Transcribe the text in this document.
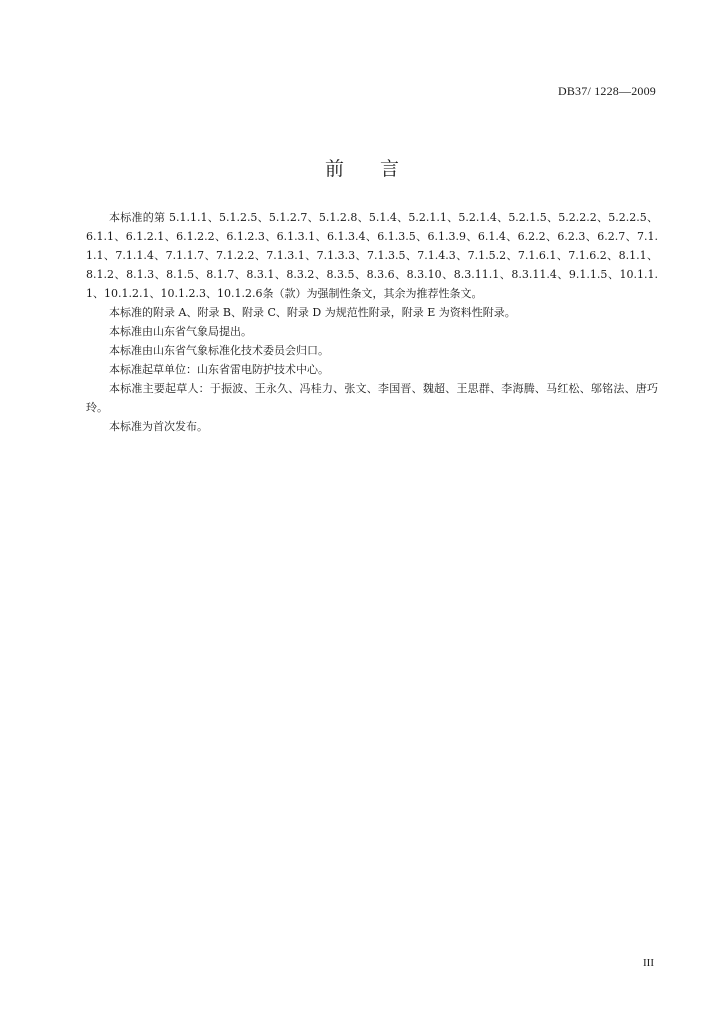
DB37/ 1228—2009
前 言

本标准的第 5.1.1.1、5.1.2.5、5.1.2.7、5.1.2.8、5.1.4、5.2.1.1、5.2.1.4、5.2.1.5、5.2.2.2、5.2.2.5、6.1.1、6.1.2.1、6.1.2.2、6.1.2.3、6.1.3.1、6.1.3.4、6.1.3.5、6.1.3.9、6.1.4、6.2.2、6.2.3、6.2.7、7.1.1.1、7.1.1.4、7.1.1.7、7.1.2.2、7.1.3.1、7.1.3.3、7.1.3.5、7.1.4.3、7.1.5.2、7.1.6.1、7.1.6.2、8.1.1、8.1.2、8.1.3、8.1.5、8.1.7、8.3.1、8.3.2、8.3.5、8.3.6、8.3.10、8.3.11.1、8.3.11.4、9.1.1.5、10.1.1.1、10.1.2.1、10.1.2.3、10.1.2.6条（款）为强制性条文，其余为推荐性条文。

本标准的附录 A、附录 B、附录 C、附录 D 为规范性附录，附录 E 为资料性附录。

本标准由山东省气象局提出。

本标准由山东省气象标准化技术委员会归口。

本标准起草单位：山东省雷电防护技术中心。

本标准主要起草人：于振波、王永久、冯桂力、张文、李国晋、魏超、王思群、李海腾、马红松、邬铭法、唐巧玲。

本标准为首次发布。

III
